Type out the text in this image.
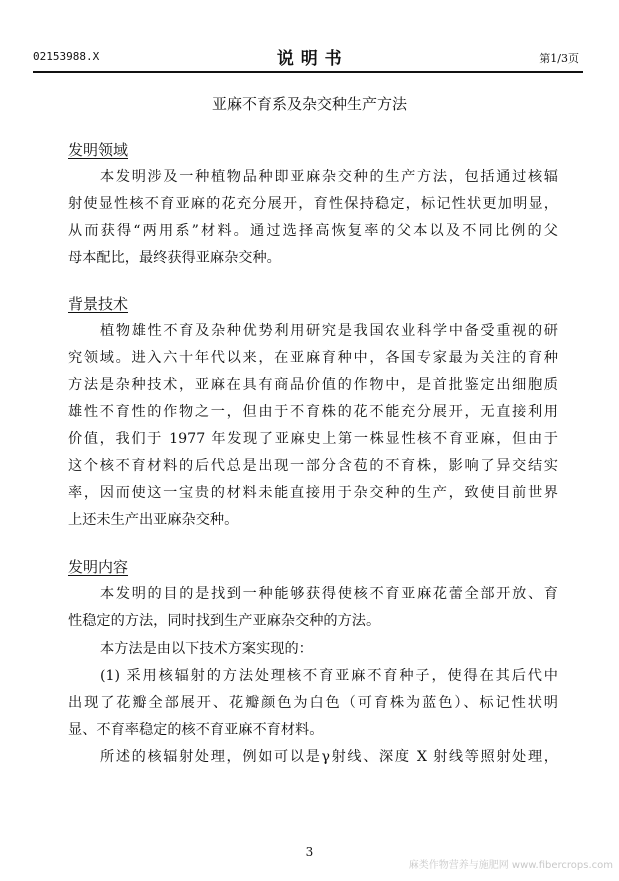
02153988.X	说 明 书	第1/3页
亚麻不育系及杂交种生产方法
发明领域
本发明涉及一种植物品种即亚麻杂交种的生产方法，包括通过核辐
射使显性核不育亚麻的花充分展开，育性保持稳定，标记性状更加明显，
从而获得“两用系”材料。通过选择高恢复率的父本以及不同比例的父
母本配比，最终获得亚麻杂交种。
背景技术
植物雄性不育及杂种优势利用研究是我国农业科学中备受重视的研
究领域。进入六十年代以来，在亚麻育种中，各国专家最为关注的育种
方法是杂种技术，亚麻在具有商品价值的作物中，是首批鉴定出细胞质
雄性不育性的作物之一，但由于不育株的花不能充分展开，无直接利用
价值，我们于 1977 年发现了亚麻史上第一株显性核不育亚麻，但由于
这个核不育材料的后代总是出现一部分含苞的不育株，影响了异交结实
率，因而使这一宝贵的材料未能直接用于杂交种的生产，致使目前世界
上还未生产出亚麻杂交种。
发明内容
本发明的目的是找到一种能够获得使核不育亚麻花蕾全部开放、育
性稳定的方法，同时找到生产亚麻杂交种的方法。
本方法是由以下技术方案实现的：
(1) 采用核辐射的方法处理核不育亚麻不育种子，使得在其后代中
出现了花瓣全部展开、花瓣颜色为白色（可育株为蓝色）、标记性状明
显、不育率稳定的核不育亚麻不育材料。
所述的核辐射处理，例如可以是γ射线、深度 X 射线等照射处理，
3
麻类作物营养与施肥网 www.fibercrops.com
